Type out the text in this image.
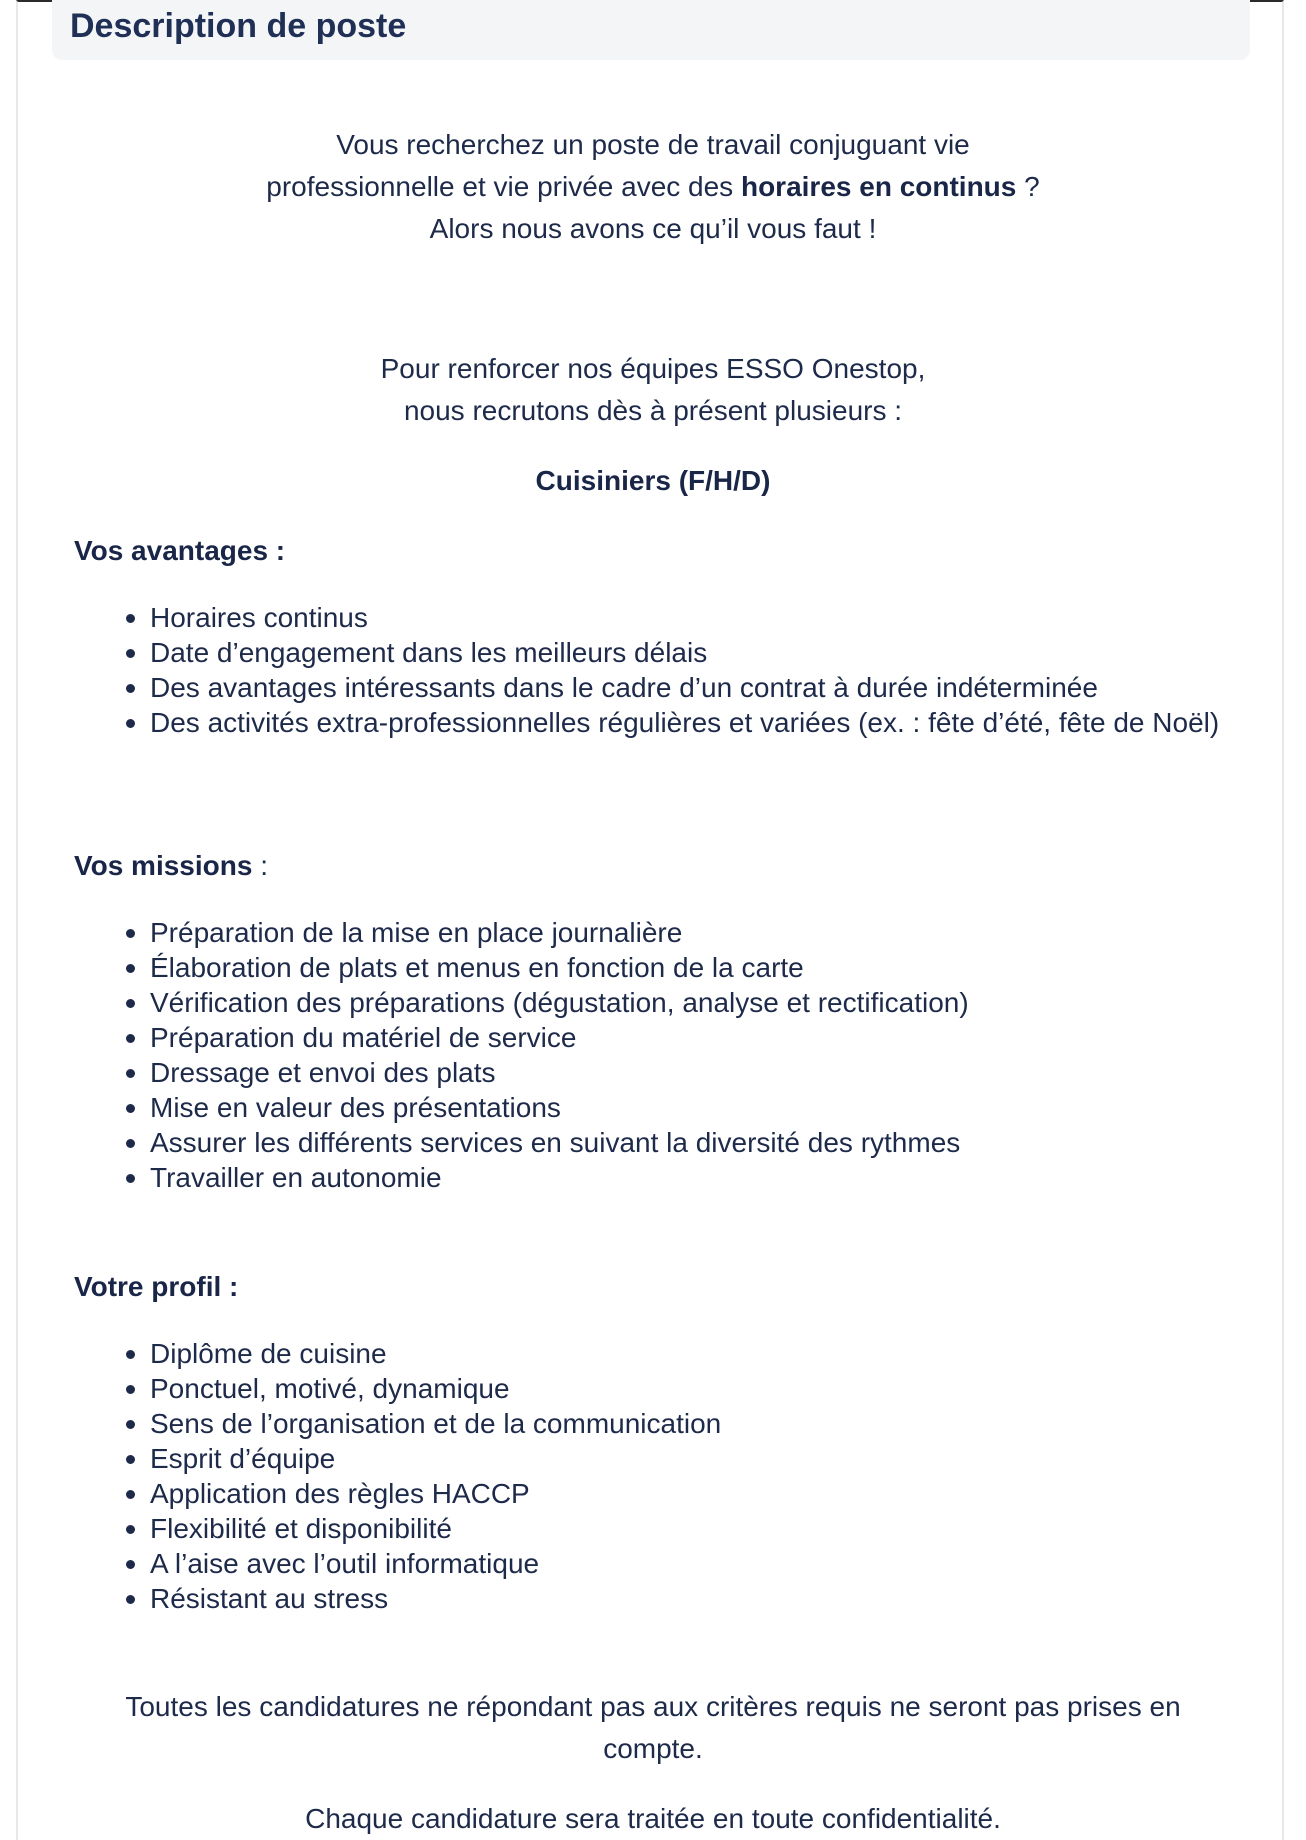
Description de poste

Vous recherchez un poste de travail conjuguant vie

professionnelle et vie privée avec des horaires en continus ?

Alors nous avons ce qu’il vous faut !

Pour renforcer nos équipes ESSO Onestop,

nous recrutons dès à présent plusieurs :

Cuisiniers (F/H/D)

Vos avantages :

Horaires continus
Date d’engagement dans les meilleurs délais
Des avantages intéressants dans le cadre d’un contrat à durée indéterminée
Des activités extra-professionnelles régulières et variées (ex. : fête d’été, fête de Noël)

Vos missions :

Préparation de la mise en place journalière
Élaboration de plats et menus en fonction de la carte
Vérification des préparations (dégustation, analyse et rectification)
Préparation du matériel de service
Dressage et envoi des plats
Mise en valeur des présentations
Assurer les différents services en suivant la diversité des rythmes
Travailler en autonomie

Votre profil :

Diplôme de cuisine
Ponctuel, motivé, dynamique
Sens de l’organisation et de la communication
Esprit d’équipe
Application des règles HACCP
Flexibilité et disponibilité
A l’aise avec l’outil informatique
Résistant au stress

Toutes les candidatures ne répondant pas aux critères requis ne seront pas prises en

compte.

Chaque candidature sera traitée en toute confidentialité.
